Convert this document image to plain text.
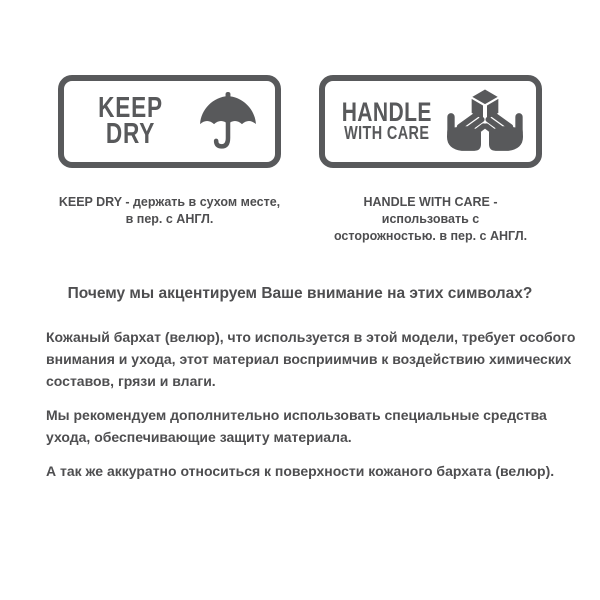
KEEP
DRY
HANDLE
WITH CARE
KEEP DRY - держать в сухом месте,
в пер. с АНГЛ.
HANDLE WITH CARE - использовать с
осторожностью. в пер. с АНГЛ.
Почему мы акцентируем Ваше внимание на этих символах?
Кожаный бархат (велюр), что используется в этой модели, требует особого
внимания и ухода, этот материал восприимчив к воздействию химических
составов, грязи и влаги.
Мы рекомендуем дополнительно использовать специальные средства
ухода, обеспечивающие защиту материала.
А так же аккуратно относиться к поверхности кожаного бархата (велюр).
